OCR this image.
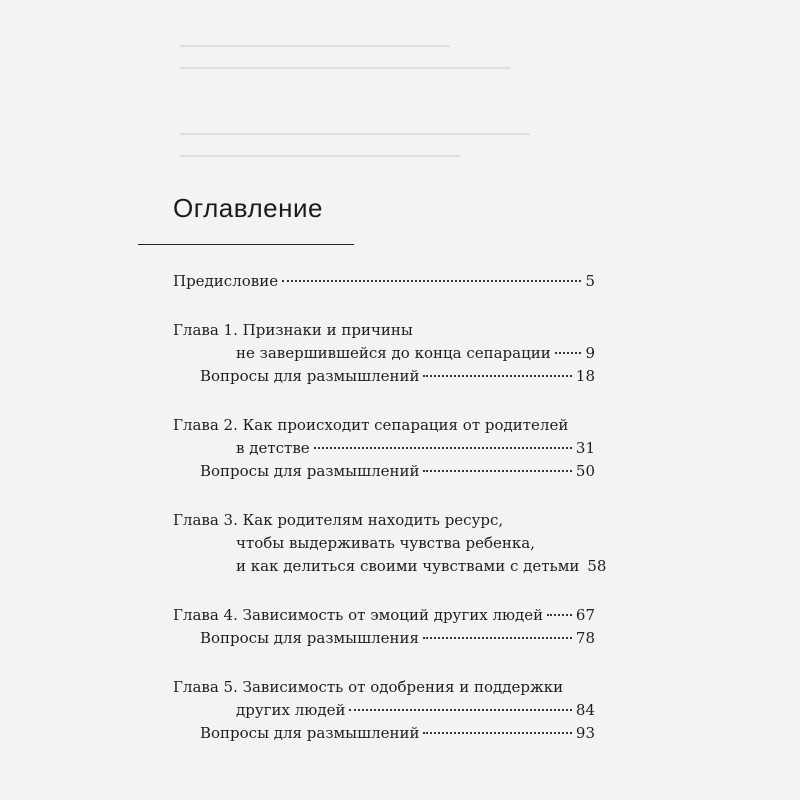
▁▁▁▁▁▁▁▁▁▁▁▁▁▁▁▁▁▁▁▁▁▁▁▁▁▁▁
▁▁▁▁▁▁▁▁▁▁▁▁▁▁▁▁▁▁▁▁▁▁▁▁▁▁▁▁▁▁▁▁▁

▁▁▁▁▁▁▁▁▁▁▁▁▁▁▁▁▁▁▁▁▁▁▁▁▁▁▁▁▁▁▁▁▁▁▁
▁▁▁▁▁▁▁▁▁▁▁▁▁▁▁▁▁▁▁▁▁▁▁▁▁▁▁▁
Оглавление
Предисловие	5
Глава 1. Признаки и причины
не завершившейся до конца сепарации 9
Вопросы для размышлений	18
Глава 2. Как происходит сепарация от родителей
в детстве	31
Вопросы для размышлений	50
Глава 3. Как родителям находить ресурс,
чтобы выдерживать чувства ребенка,
и как делиться своими чувствами с детьми 58
Глава 4. Зависимость от эмоций других людей 67
Вопросы для размышления	78
Глава 5. Зависимость от одобрения и поддержки
других людей	84
Вопросы для размышлений	93
